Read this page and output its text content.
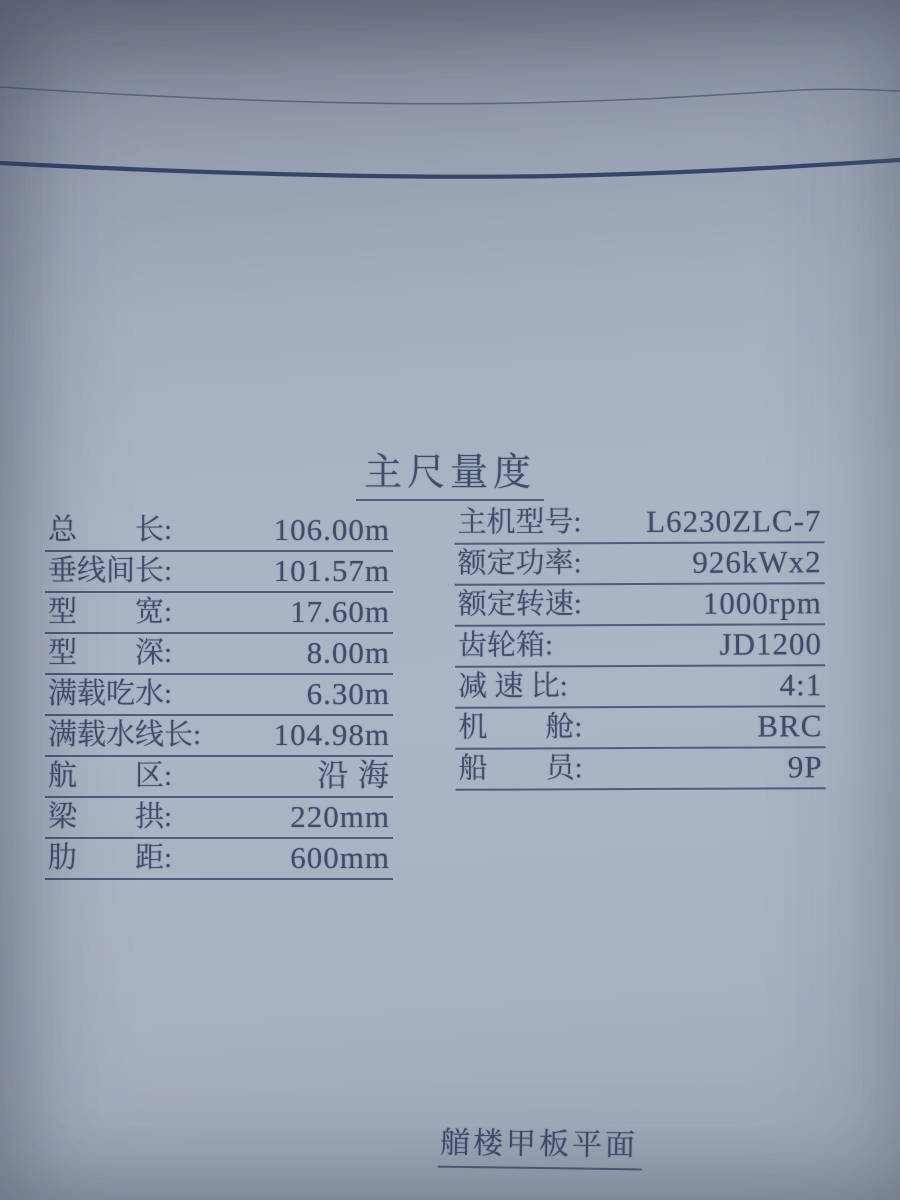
主尺量度
总　　长:	106.00m
垂线间长:	101.57m
型　　宽:	17.60m
型　　深:	8.00m
满载吃水:	6.30m
满载水线长: 104.98m
航　　区:	沿 海
梁　　拱:	220mm
肋　　距:	600mm
主机型号: L6230ZLC-7
额定功率:	926kWx2
额定转速:	1000rpm
齿轮箱:	JD1200
减 速 比:	4:1
机　　舱:	BRC
船　　员:	9P
艏楼甲板平面
